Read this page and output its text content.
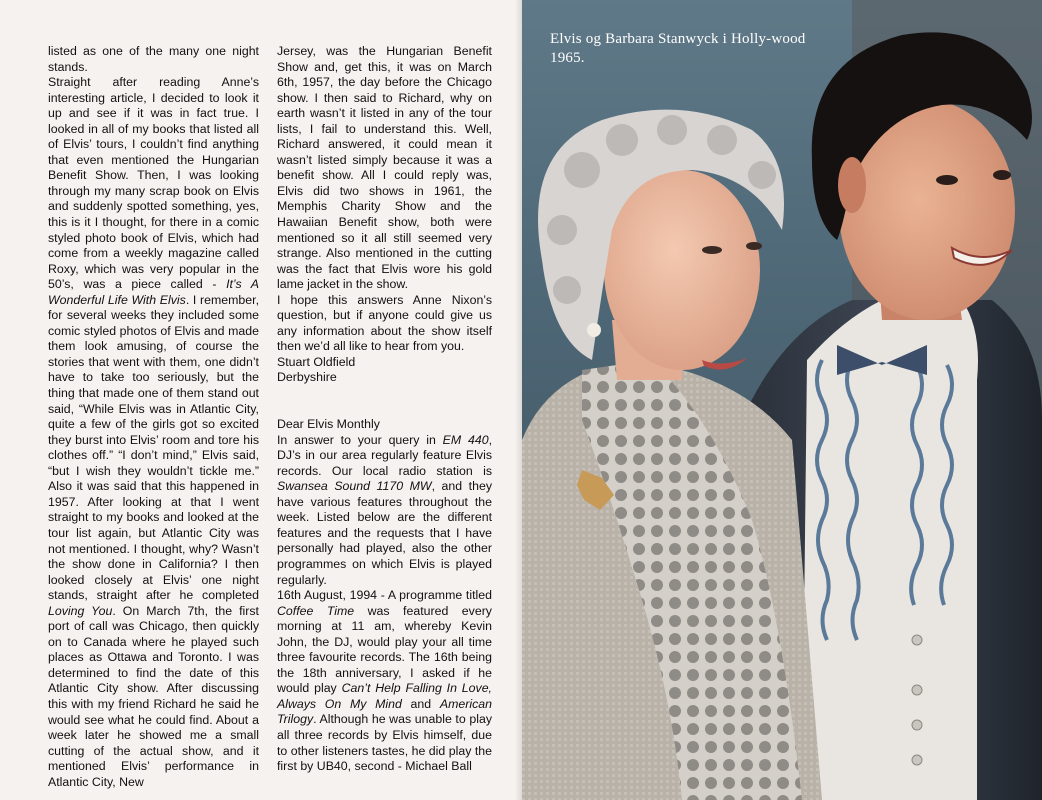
listed as one of the many one night stands.

Straight after reading Anne’s interesting article, I decided to look it up and see if it was in fact true. I looked in all of my books that listed all of Elvis’ tours, I couldn’t find anything that even mentioned the Hungarian Benefit Show. Then, I was looking through my many scrap book on Elvis and suddenly spotted something, yes, this is it I thought, for there in a comic styled photo book of Elvis, which had come from a weekly magazine called Roxy, which was very popular in the 50’s, was a piece called - It’s A Wonderful Life With Elvis. I remember, for several weeks they included some comic styled photos of Elvis and made them look amusing, of course the stories that went with them, one didn’t have to take too seriously, but the thing that made one of them stand out said, “While Elvis was in Atlantic City, quite a few of the girls got so excited they burst into Elvis’ room and tore his clothes off.” “I don’t mind,” Elvis said, “but I wish they wouldn’t tickle me.” Also it was said that this happened in 1957. After looking at that I went straight to my books and looked at the tour list again, but Atlantic City was not mentioned. I thought, why? Wasn’t the show done in California? I then looked closely at Elvis’ one night stands, straight after he completed Loving You. On March 7th, the first port of call was Chicago, then quickly on to Canada where he played such places as Ottawa and Toronto. I was determined to find the date of this Atlantic City show. After discussing this with my friend Richard he said he would see what he could find. About a week later he showed me a small cutting of the actual show, and it mentioned Elvis’ performance in Atlantic City, New

Jersey, was the Hungarian Benefit Show and, get this, it was on March 6th, 1957, the day before the Chicago show. I then said to Richard, why on earth wasn’t it listed in any of the tour lists, I fail to understand this. Well, Richard answered, it could mean it wasn’t listed simply because it was a benefit show. All I could reply was, Elvis did two shows in 1961, the Memphis Charity Show and the Hawaiian Benefit show, both were mentioned so it all still seemed very strange. Also mentioned in the cutting was the fact that Elvis wore his gold lame jacket in the show.

I hope this answers Anne Nixon’s question, but if anyone could give us any information about the show itself then we’d all like to hear from you.

Stuart Oldfield

Derbyshire

Dear Elvis Monthly

In answer to your query in EM 440, DJ’s in our area regularly feature Elvis records. Our local radio station is Swansea Sound 1170 MW, and they have various features throughout the week. Listed below are the different features and the requests that I have personally had played, also the other programmes on which Elvis is played regularly.

16th August, 1994 - A programme titled Coffee Time was featured every morning at 11 am, whereby Kevin John, the DJ, would play your all time three favourite records. The 16th being the 18th anniversary, I asked if he would play Can’t Help Falling In Love, Always On My Mind and American Trilogy. Although he was unable to play all three records by Elvis himself, due to other listeners tastes, he did play the first by UB40, second - Michael Ball

Elvis og Barbara Stanwyck i Holly-wood 1965.
